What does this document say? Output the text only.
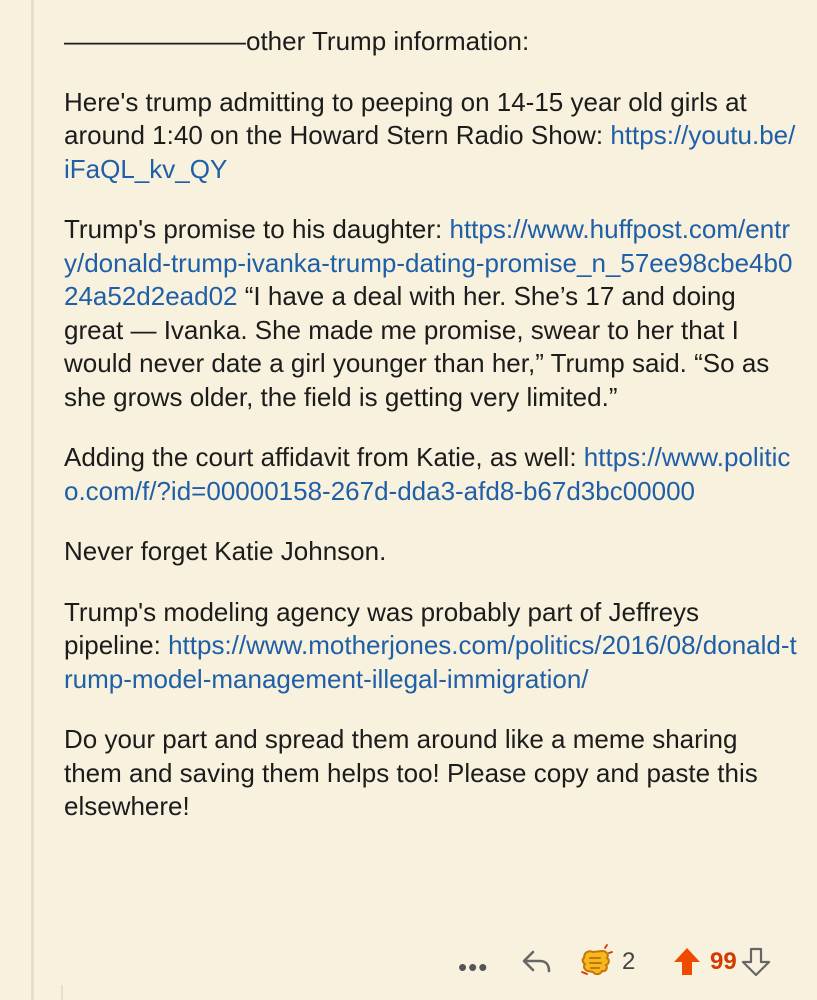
———————other Trump information:

Here's trump admitting to peeping on 14-15 year old girls at around 1:40 on the Howard Stern Radio Show: https://youtu.be/iFaQL_kv_QY

Trump's promise to his daughter: https://www.huffpost.com/entry/donald-trump-ivanka-trump-dating-promise_n_57ee98cbe4b024a52d2ead02 “I have a deal with her. She’s 17 and doing great — Ivanka. She made me promise, swear to her that I would never date a girl younger than her,” Trump said. “So as she grows older, the field is getting very limited.”

Adding the court affidavit from Katie, as well: https://www.politico.com/f/?id=00000158-267d-dda3-afd8-b67d3bc00000

Never forget Katie Johnson.

Trump's modeling agency was probably part of Jeffreys pipeline: https://www.motherjones.com/politics/2016/08/donald-trump-model-management-illegal-immigration/

Do your part and spread them around like a meme sharing them and saving them helps too! Please copy and paste this elsewhere!

•••	2	99
